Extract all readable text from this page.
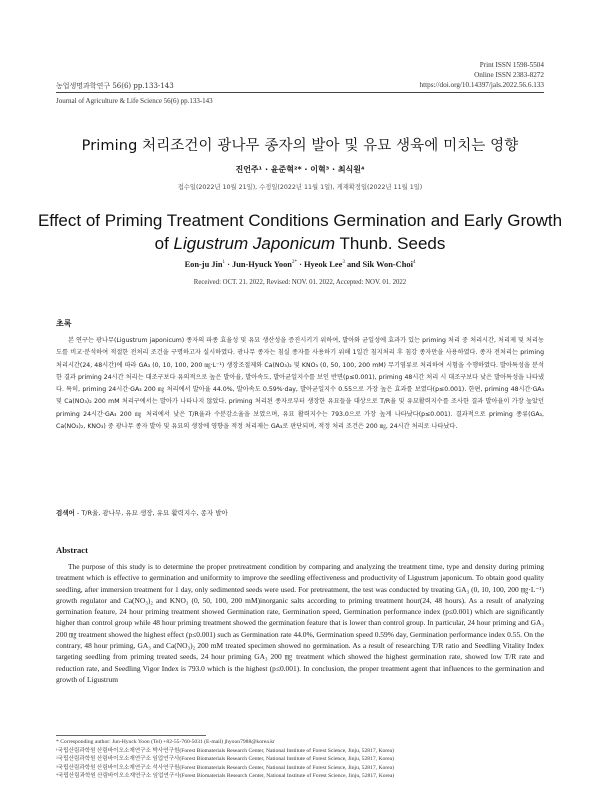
Print ISSN 1598-5504
Online ISSN 2383-8272
https://doi.org/10.14397/jals.2022.56.6.133
농업생명과학연구 56(6) pp.133-143
Journal of Agriculture & Life Science 56(6) pp.133-143
Priming 처리조건이 광나무 종자의 발아 및 유묘 생육에 미치는 영향
진언주¹ · 윤준혁²* · 이혁³ · 최식원⁴
접수일(2022년 10월 21일), 수정일(2022년 11월 1일), 게재확정일(2022년 11월 1일)
Effect of Priming Treatment Conditions Germination and Early Growth
of Ligustrum Japonicum Thunb. Seeds
Eon-ju Jin$^1$ · Jun-Hyuck Yoon$^{2*}$ · Hyeok Lee$^3$ and Sik Won-Choi$^4$
Received: OCT. 21. 2022, Revised: NOV. 01. 2022, Accepted: NOV. 01. 2022
초록
본 연구는 광나무(Ligustrum japonicum) 종자의 파종 효율성 및 유묘 생산성을 증진시키기 위하여, 발아와 균일성에 효과가 있는 priming 처리 중 처리시간, 처리제 및 처리농도를 비교·분석하여 적절한 전처리 조건을 구명하고자 실시하였다. 광나무 종자는 침실 종자를 사용하기 위해 1일간 침지처리 후 침강 종자만을 사용하였다. 종자 전처리는 priming 처리시간(24, 48시간)에 따라 GA₃ (0, 10, 100, 200 ㎎·L⁻¹) 생장조절제와 Ca(NO₃)₂ 및 KNO₃ (0, 50, 100, 200 mM) 무기염류로 처리하여 시험을 수행하였다. 발아특성을 분석한 결과 priming 24시간 처리는 대조구보다 유의적으로 높은 발아율, 발아속도, 발아균일지수를 보인 반면(p≤0.001), priming 48시간 처리 시 대조구보다 낮은 발아특성을 나타냈다. 특히, priming 24시간·GA₃ 200 ㎎ 처리에서 발아율 44.0%, 발아속도 0.59%·day, 발아균일지수 0.55으로 가장 높은 효과를 보였다(p≤0.001). 한편, priming 48시간·GA₃ 및 Ca(NO₃)₂ 200 mM 처리구에서는 발아가 나타나지 않았다. priming 처리된 종자로부터 생장한 유묘들을 대상으로 T/R율 및 유묘활력지수를 조사한 결과 발아율이 가장 높았던 priming 24시간·GA₃ 200 ㎎ 처리에서 낮은 T/R율과 수분감소율을 보였으며, 유묘 활력지수는 793.0으로 가장 높게 나타났다(p≤0.001). 결과적으로 priming 종류(GA₃, Ca(NO₃)₂, KNO₃) 중 광나무 종자 발아 및 유묘의 생장에 영향을 적정 처리제는 GA₃로 판단되며, 적정 처리 조건은 200 ㎎, 24시간 처리로 나타났다.
검색어 - T/R율, 광나무, 유묘 생장, 유묘 활력지수, 종자 발아
Abstract
The purpose of this study is to determine the proper pretreatment condition by comparing and analyzing the treatment time, type and density during priming treatment which is effective to germination and uniformity to improve the seedling effectiveness and productivity of Ligustrum japonicum. To obtain good quality seedling, after immersion treatment for 1 day, only sedimented seeds were used. For pretreatment, the test was conducted by treating GA₃ (0, 10, 100, 200 ㎎·L⁻¹) growth regulator and Ca(NO₃)₂ and KNO₃ (0, 50, 100, 200 mM)inorganic salts according to priming treatment hour(24, 48 hours). As a result of analyzing germination feature, 24 hour priming treatment showed Germination rate, Germination speed, Germination performance index (p≤0.001) which are significantly higher than control group while 48 hour priming treatment showed the germination feature that is lower than control group. In particular, 24 hour priming and GA₃ 200 ㎎ treatment showed the highest effect (p≤0.001) such as Germination rate 44.0%, Germination speed 0.59% day, Germination performance index 0.55. On the contrary, 48 hour priming, GA₃ and Ca(NO₃)₂ 200 mM treated specimen showed no germination. As a result of researching T/R ratio and Seedling Vitality Index targeting seedling from priming treated seeds, 24 hour priming GA₃ 200 ㎎ treatment which showed the highest germination rate, showed low T/R rate and reduction rate, and Seedling Vigor Index is 793.0 which is the highest (p≤0.001). In conclusion, the proper treatment agent that influences to the germination and growth of Ligustrum
* Corresponding author: Jun-Hyuck Yoon (Tel) +82-55-760-5031 (E-mail) jhyoon7988@korea.kr
¹국립산림과학원 산림바이오소재연구소 박사연구원(Forest Biomaterials Research Center, National Institute of Forest Science, Jinju, 52817, Korea)
²국립산림과학원 산림바이오소재연구소 임업연구사(Forest Biomaterials Research Center, National Institute of Forest Science, Jinju, 52817, Korea)
³국립산림과학원 산림바이오소재연구소 석사연구원(Forest Biomaterials Research Center, National Institute of Forest Science, Jinju, 52817, Korea)
⁴국립산림과학원 산림바이오소재연구소 임업연구사(Forest Biomaterials Research Center, National Institute of Forest Science, Jinju, 52817, Korea)
